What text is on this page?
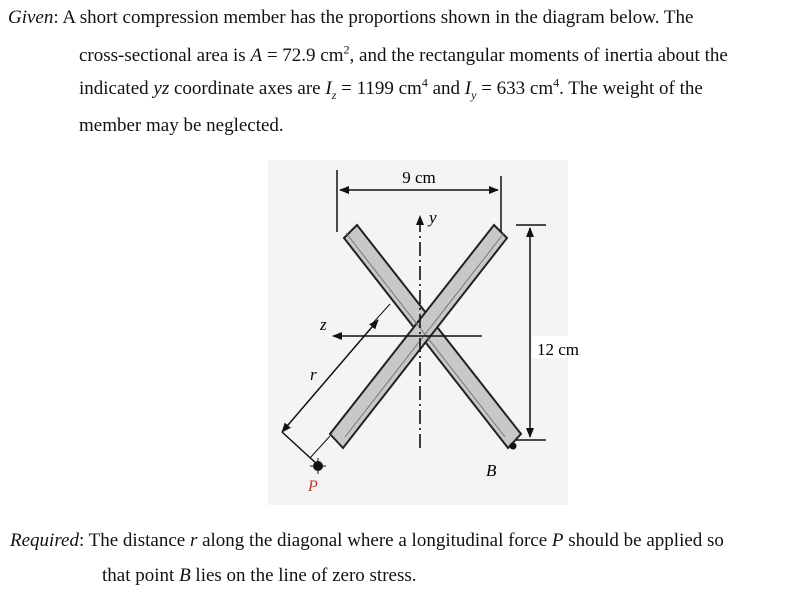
Given: A short compression member has the proportions shown in the diagram below. The
cross-sectional area is A = 72.9 $cm^2$, and the rectangular moments of inertia about the
indicated yz coordinate axes are $I_z = 1199$ $cm^4$ and $I_y = 633$ $cm^4$. The weight of the
member may be neglected.
9 cm
12 cm
y
z
r
P
B
Required: The distance r along the diagonal where a longitudinal force P should be applied so
that point B lies on the line of zero stress.
